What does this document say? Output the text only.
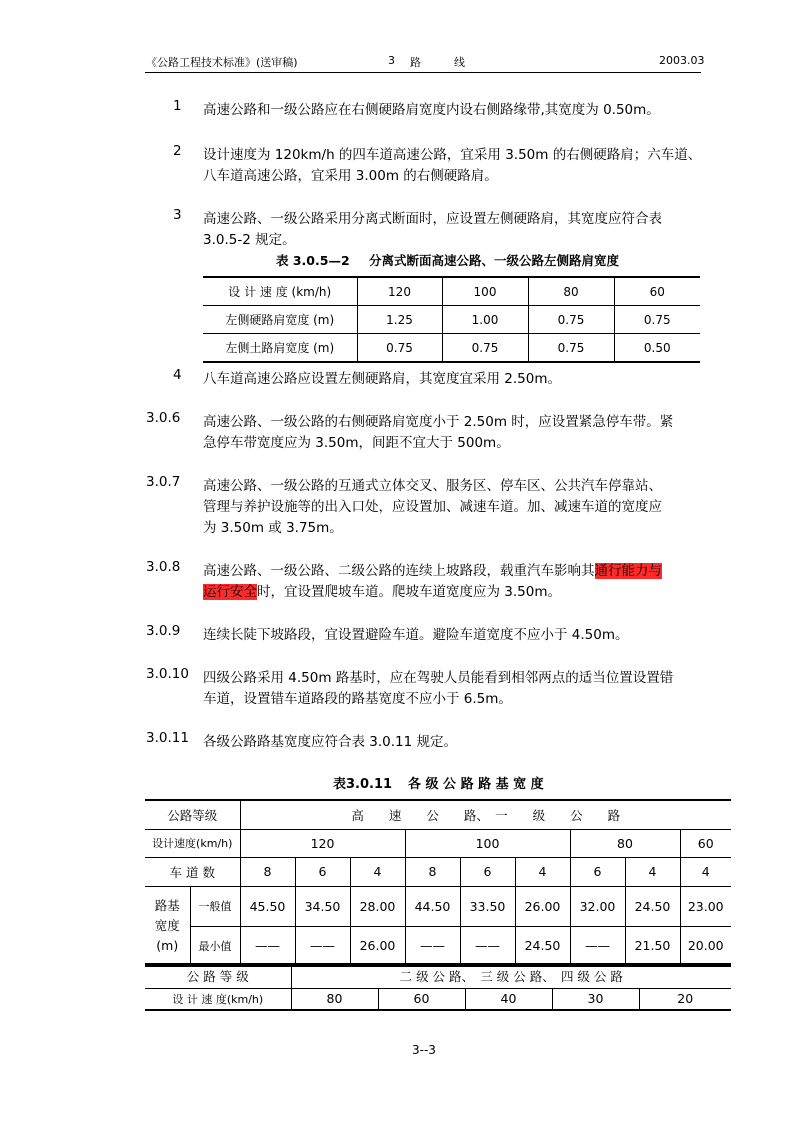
《公路工程技术标准》(送审稿)	3 路　　　线	2003.03
1 高速公路和一级公路应在右侧硬路肩宽度内设右侧路缘带,其宽度为 0.50m。
2 设计速度为 120km/h 的四车道高速公路，宜采用 3.50m 的右侧硬路肩；六车道、
八车道高速公路，宜采用 3.00m 的右侧硬路肩。
3 高速公路、一级公路采用分离式断面时，应设置左侧硬路肩，其宽度应符合表
3.0.5-2 规定。
表 3.0.5—2 分离式断面高速公路、一级公路左侧路肩宽度
设 计 速 度 (km/h)	120	100	80	60
左侧硬路肩宽度 (m)	1.25	1.00	0.75	0.75
左侧土路肩宽度 (m)	0.75	0.75	0.75	0.50
4 八车道高速公路应设置左侧硬路肩，其宽度宜采用 2.50m。
3.0.6 高速公路、一级公路的右侧硬路肩宽度小于 2.50m 时，应设置紧急停车带。紧
急停车带宽度应为 3.50m，间距不宜大于 500m。
3.0.7 高速公路、一级公路的互通式立体交叉、服务区、停车区、公共汽车停靠站、
管理与养护设施等的出入口处，应设置加、减速车道。加、减速车道的宽度应
为 3.50m 或 3.75m。
3.0.8 高速公路、一级公路、二级公路的连续上坡路段，载重汽车影响其通行能力与
运行安全时，宜设置爬坡车道。爬坡车道宽度应为 3.50m。
3.0.9 连续长陡下坡路段，宜设置避险车道。避险车道宽度不应小于 4.50m。
3.0.10 四级公路采用 4.50m 路基时，应在驾驶人员能看到相邻两点的适当位置设置错
车道，设置错车道路段的路基宽度不应小于 6.5m。
3.0.11 各级公路路基宽度应符合表 3.0.11 规定。
表3.0.11 各 级 公 路 路 基 宽 度
公路等级		高　　速　　公　　路、　一　　级　　公　　路								
设计速度(km/h)		120			100			80		60
车 道 数		8	6	4	8	6	4	6	4	4
路基宽度(m)	一般值	45.50	34.50	28.00	44.50	33.50	26.00	32.00	24.50	23.00
	最小值	——	——	26.00	——	——	24.50	——	21.50	20.00
公 路 等 级	二 级 公 路、　三 级 公 路、　四 级 公 路				
设 计 速 度(km/h)	80	60	40	30	20
3--3
